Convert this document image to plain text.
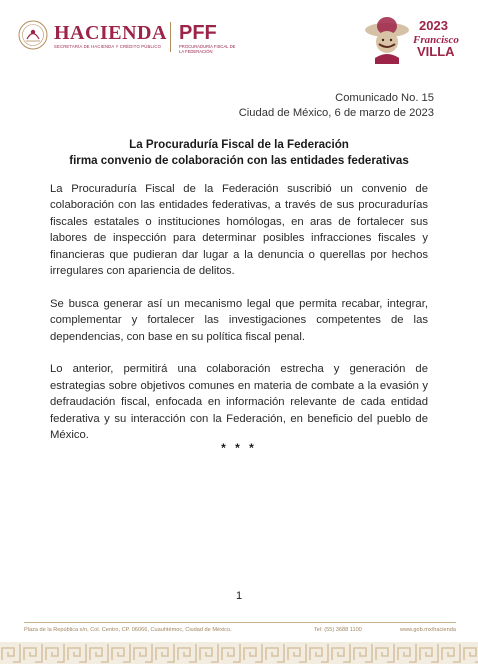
HACIENDA
SECRETARÍA DE HACIENDA Y CRÉDITO PÚBLICO
PFF
PROCURADURÍA FISCAL DE LA FEDERACIÓN
2023
Francisco
VILLA
Comunicado No. 15
Ciudad de México, 6 de marzo de 2023
La Procuraduría Fiscal de la Federación
firma convenio de colaboración con las entidades federativas

La Procuraduría Fiscal de la Federación suscribió un convenio de colaboración con las entidades federativas, a través de sus procuradurías fiscales estatales o instituciones homólogas, en aras de fortalecer sus labores de inspección para determinar posibles infracciones fiscales y financieras que pudieran dar lugar a la denuncia o querellas por hechos irregulares con apariencia de delitos.

Se busca generar así un mecanismo legal que permita recabar, integrar, complementar y fortalecer las investigaciones competentes de las dependencias, con base en su política fiscal penal.

Lo anterior, permitirá una colaboración estrecha y generación de estrategias sobre objetivos comunes en materia de combate a la evasión y defraudación fiscal, enfocada en información relevante de cada entidad federativa y su interacción con la Federación, en beneficio del pueblo de México.

* * *
1
Plaza de la República s/n, Col. Centro, CP. 06066, Cuauhtémoc, Ciudad de México.	Tel: (55) 3688 1100	www.gob.mx/hacienda
